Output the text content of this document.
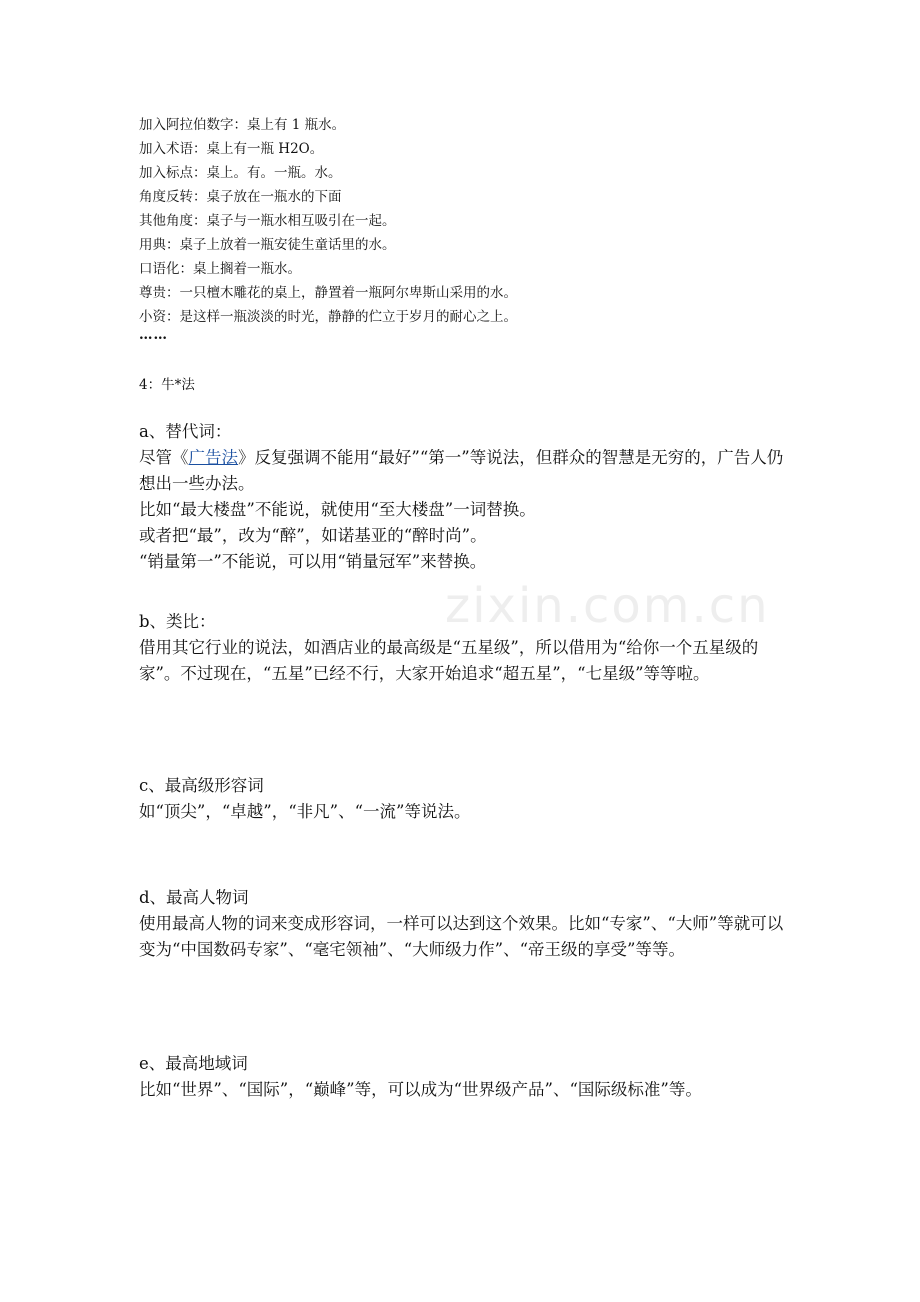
zixin.com.cn
加入阿拉伯数字：桌上有 1 瓶水。
加入术语：桌上有一瓶 H2O。
加入标点：桌上。有。一瓶。水。
角度反转：桌子放在一瓶水的下面
其他角度：桌子与一瓶水相互吸引在一起。
用典：桌子上放着一瓶安徒生童话里的水。
口语化：桌上搁着一瓶水。
尊贵：一只檀木雕花的桌上，静置着一瓶阿尔卑斯山采用的水。
小资：是这样一瓶淡淡的时光，静静的伫立于岁月的耐心之上。
……
4：牛*法

a、替代词：

尽管《广告法》反复强调不能用“最好”“第一”等说法，但群众的智慧是无穷的，广告人仍想出一些办法。

比如“最大楼盘”不能说，就使用“至大楼盘”一词替换。

或者把“最”，改为“醉”，如诺基亚的“醉时尚”。

“销量第一”不能说，可以用“销量冠军”来替换。

b、类比：

借用其它行业的说法，如酒店业的最高级是“五星级”，所以借用为“给你一个五星级的家”。不过现在，“五星”已经不行，大家开始追求“超五星”，“七星级”等等啦。

c、最高级形容词

如“顶尖”，“卓越”，“非凡”、“一流”等说法。

d、最高人物词

使用最高人物的词来变成形容词，一样可以达到这个效果。比如“专家”、“大师”等就可以变为“中国数码专家”、“毫宅领袖”、“大师级力作”、“帝王级的享受”等等。

e、最高地域词

比如“世界”、“国际”，“巅峰”等，可以成为“世界级产品”、“国际级标准”等。
